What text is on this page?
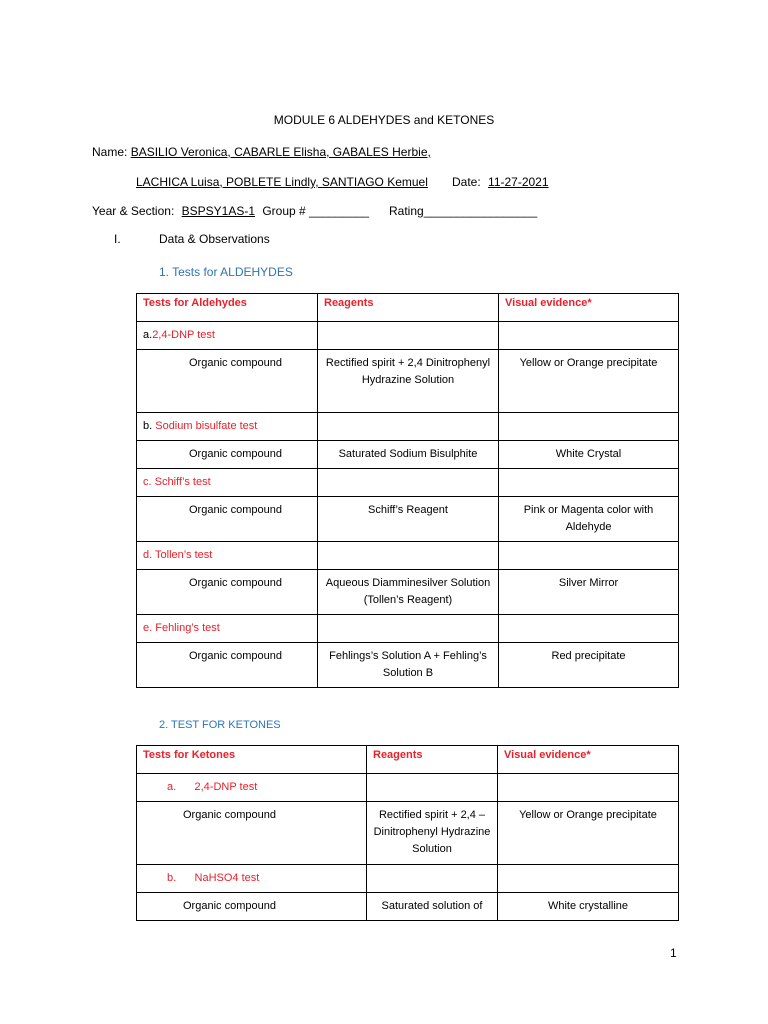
MODULE 6 ALDEHYDES and KETONES
Name: BASILIO Veronica, CABARLE Elisha, GABALES Herbie,
LACHICA Luisa, POBLETE Lindly, SANTIAGO Kemuel Date: 11-27-2021
Year & Section: BSPSY1AS-1 Group # _________ Rating_________________
I.	Data & Observations
1. Tests for ALDEHYDES
Tests for Aldehydes	Reagents	Visual evidence*
a.2,4-DNP test		
Organic compound	Rectified spirit + 2,4 Dinitrophenyl Hydrazine Solution	Yellow or Orange precipitate
b. Sodium bisulfate test		
Organic compound	Saturated Sodium Bisulphite	White Crystal
c. Schiff’s test		
Organic compound	Schiff’s Reagent	Pink or Magenta color with Aldehyde
d. Tollen’s test		
Organic compound	Aqueous Diamminesilver Solution (Tollen’s Reagent)	Silver Mirror
e. Fehling’s test		
Organic compound	Fehlings’s Solution A + Fehling’s Solution B	Red precipitate
2. TEST FOR KETONES
Tests for Ketones	Reagents	Visual evidence*
a.      2,4-DNP test		
Organic compound	Rectified spirit + 2,4 – Dinitrophenyl Hydrazine Solution	Yellow or Orange precipitate
b.      NaHSO4 test		
Organic compound	Saturated solution of	White crystalline
1
